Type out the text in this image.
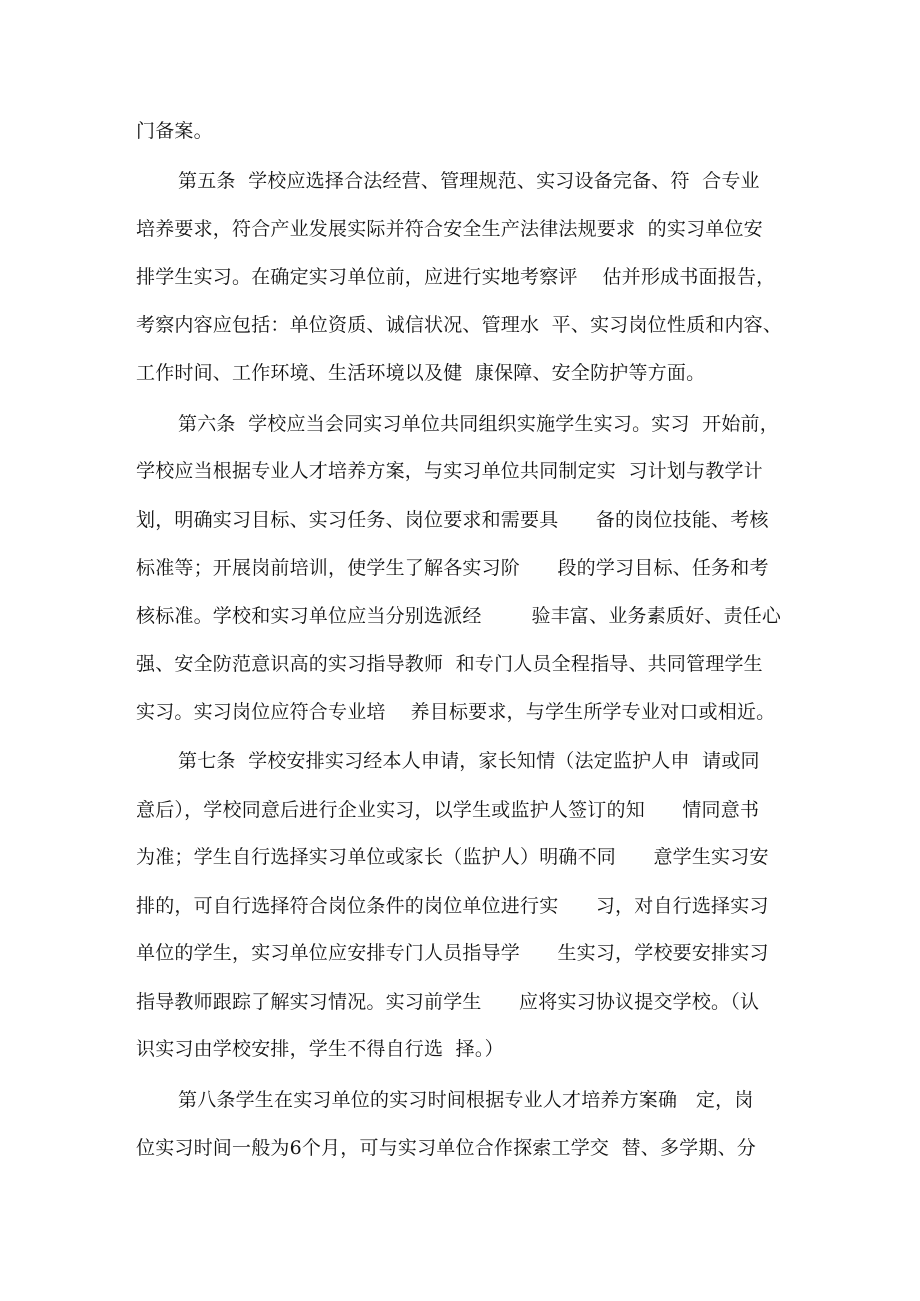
门备案。
第五条  学校应选择合法经营、管理规范、实习设备完备、符  合专业
培养要求，符合产业发展实际并符合安全生产法律法规要求  的实习单位安
排学生实习。在确定实习单位前，应进行实地考察评    估并形成书面报告，
考察内容应包括：单位资质、诚信状况、管理水  平、实习岗位性质和内容、
工作时间、工作环境、生活环境以及健  康保障、安全防护等方面。
第六条  学校应当会同实习单位共同组织实施学生实习。实习  开始前，
学校应当根据专业人才培养方案，与实习单位共同制定实  习计划与教学计
划，明确实习目标、实习任务、岗位要求和需要具      备的岗位技能、考核
标准等；开展岗前培训，使学生了解各实习阶      段的学习目标、任务和考
核标准。学校和实习单位应当分别选派经        验丰富、业务素质好、责任心
强、安全防范意识高的实习指导教师  和专门人员全程指导、共同管理学生
实习。实习岗位应符合专业培    养目标要求，与学生所学专业对口或相近。
第七条  学校安排实习经本人申请，家长知情（法定监护人申  请或同
意后），学校同意后进行企业实习，以学生或监护人签订的知      情同意书
为准；学生自行选择实习单位或家长（监护人）明确不同      意学生实习安
排的，可自行选择符合岗位条件的岗位单位进行实      习，对自行选择实习
单位的学生，实习单位应安排专门人员指导学      生实习，学校要安排实习
指导教师跟踪了解实习情况。实习前学生      应将实习协议提交学校。（认
识实习由学校安排，学生不得自行选  择。）
第八条学生在实习单位的实习时间根据专业人才培养方案确   定，岗
位实习时间一般为6个月，可与实习单位合作探索工学交  替、多学期、分
